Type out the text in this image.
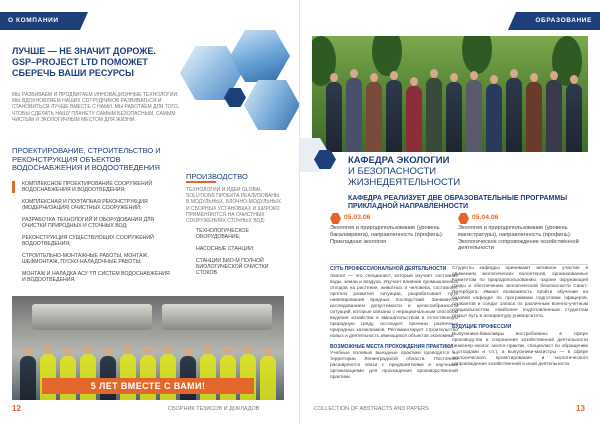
О КОМПАНИИ
ЛУЧШЕ — НЕ ЗНАЧИТ ДОРОЖЕ. GSP–PROJECT LTD ПОМОЖЕТ СБЕРЕЧЬ ВАШИ РЕСУРСЫ
МЫ РАЗВИВАЕМ И ПРОДВИГАЕМ ИННОВАЦИОННЫЕ ТЕХНОЛОГИИ. МЫ ВДОХНОВЛЯЕМ НАШИХ СОТРУДНИКОВ РАЗВИВАТЬСЯ И СТАНОВИТЬСЯ ЛУЧШЕ ВМЕСТЕ С НАМИ. МЫ РАБОТАЕМ ДЛЯ ТОГО, ЧТОБЫ СДЕЛАТЬ НАШУ ПЛАНЕТУ САМЫМ БЕЗОПАСНЫМ, САМЫМ ЧИСТЫМ И ЭКОЛОГИЧНЫМ МЕСТОМ ДЛЯ ЖИЗНИ.
ПРОЕКТИРОВАНИЕ, СТРОИТЕЛЬСТВО И РЕКОНСТРУКЦИЯ ОБЪЕКТОВ ВОДОСНАБЖЕНИЯ И ВОДООТВЕДЕНИЯ
КОМПЛЕКСНОЕ ПРОЕКТИРОВАНИЕ СООРУЖЕНИЙ ВОДОСНАБЖЕНИЯ И ВОДООТВЕДЕНИЯ;
КОМПЛЕКСНАЯ И ПОЭТАПНАЯ РЕКОНСТРУКЦИЯ (МОДЕРНИЗАЦИЯ) ОЧИСТНЫХ СООРУЖЕНИЙ;
РАЗРАБОТКА ТЕХНОЛОГИЙ И ОБОРУДОВАНИЯ ДЛЯ ОЧИСТКИ ПРИРОДНЫХ И СТОЧНЫХ ВОД;
РЕКОНСТРУКЦИЯ СУЩЕСТВУЮЩИХ СООРУЖЕНИЙ ВОДООТВЕДЕНИЯ;
СТРОИТЕЛЬНО-МОНТАЖНЫЕ РАБОТЫ, МОНТАЖ, ШЕФМОНТАЖ, ПУСКО-НАЛАДОЧНЫЕ РАБОТЫ;
МОНТАЖ И НАЛАДКА АСУ ТП СИСТЕМ ВОДОСНАБЖЕНИЯ И ВОДООТВЕДЕНИЯ.
ПРОИЗВОДСТВО
ТЕХНОЛОГИИ И ИДЕИ GLOBAL SOLUTIONS ПРОЕКТА РЕАЛИЗОВАНЫ В МОДУЛЬНЫХ, БЛОЧНО-МОДУЛЬНЫХ И СБОРНЫХ УСТАНОВКАХ И ШИРОКО ПРИМЕНЯЮТСЯ НА ОЧИСТНЫХ СООРУЖЕНИЯХ СТОЧНЫХ ВОД:
ТЕХНОЛОГИЧЕСКОЕ ОБОРУДОВАНИЕ;
НАСОСНЫЕ СТАНЦИИ;
СТАНЦИИ БИО-М ПОЛНОЙ БИОЛОГИЧЕСКОЙ ОЧИСТКИ СТОКОВ.
5 ЛЕТ ВМЕСТЕ С ВАМИ!
12	СБОРНИК ТЕЗИСОВ И ДОКЛАДОВ
ОБРАЗОВАНИЕ
КАФЕДРА ЭКОЛОГИИ
И БЕЗОПАСНОСТИ ЖИЗНЕДЕЯТЕЛЬНОСТИ
КАФЕДРА РЕАЛИЗУЕТ ДВЕ ОБРАЗОВАТЕЛЬНЫЕ ПРОГРАММЫ ПРИКЛАДНОЙ НАПРАВЛЕННОСТИ
05.03.06
Экология и природопользование (уровень бакалавриата), направленность (профиль): Прикладная экология
05.04.06
Экология и природопользование (уровень магистратуры), направленность (профиль): Экологическое сопровождение хозяйственной деятельности
СУТЬ ПРОФЕССИОНАЛЬНОЙ ДЕЯТЕЛЬНОСТИ

Эколог — это специалист, который изучает состояние воды, земли и воздуха. Изучает влияние промышленных отходов на растения, животных и человека, составляет прогноз развития ситуации, разрабатывает пути нивелирования вредных последствий. Занимается исследованием допустимости и целесообразности ситуаций, которые связаны с нерациональным способом ведения хозяйства и вмешательством в естественную природную среду, исследует причины различных природных катаклизмов. Регламентирует строительство новых и деятельность имеющихся объектов экономики.

ВОЗМОЖНЫЕ МЕСТА ПРОХОЖДЕНИЯ ПРАКТИКИ

Учебные полевые выездные практики проводятся на территории Ленинградской области. Постоянно расширяются связи с предприятиями и научными организациями для прохождения производственной практики.

Студенты кафедры принимают активное участие в движениях экологических волонтеров, организованных Комитетом по природопользованию, охране окружающей среды и обеспечению экологической безопасности Санкт-Петербурга. Имеют возможность пройти обучение на базовой кафедре по программам подготовки офицеров, сержантов и солдат запаса по различным военно-учетным специальностям. Наиболее подготовленным студентам открыт путь в аспирантуру университета.

БУДУЩИЕ ПРОФЕССИИ

Выпускники-бакалавры востребованы в сфере производства и сохранения хозяйственной деятельности (инженер-эколог, эколог-практик, специалист по обращению с отходами и т.п.), а выпускники-магистры — в сфере экологического проектирования и экологического сопровождения хозяйственной и иной деятельности.

COLLECTION OF ABSTRACTS AND PAPERS	13
